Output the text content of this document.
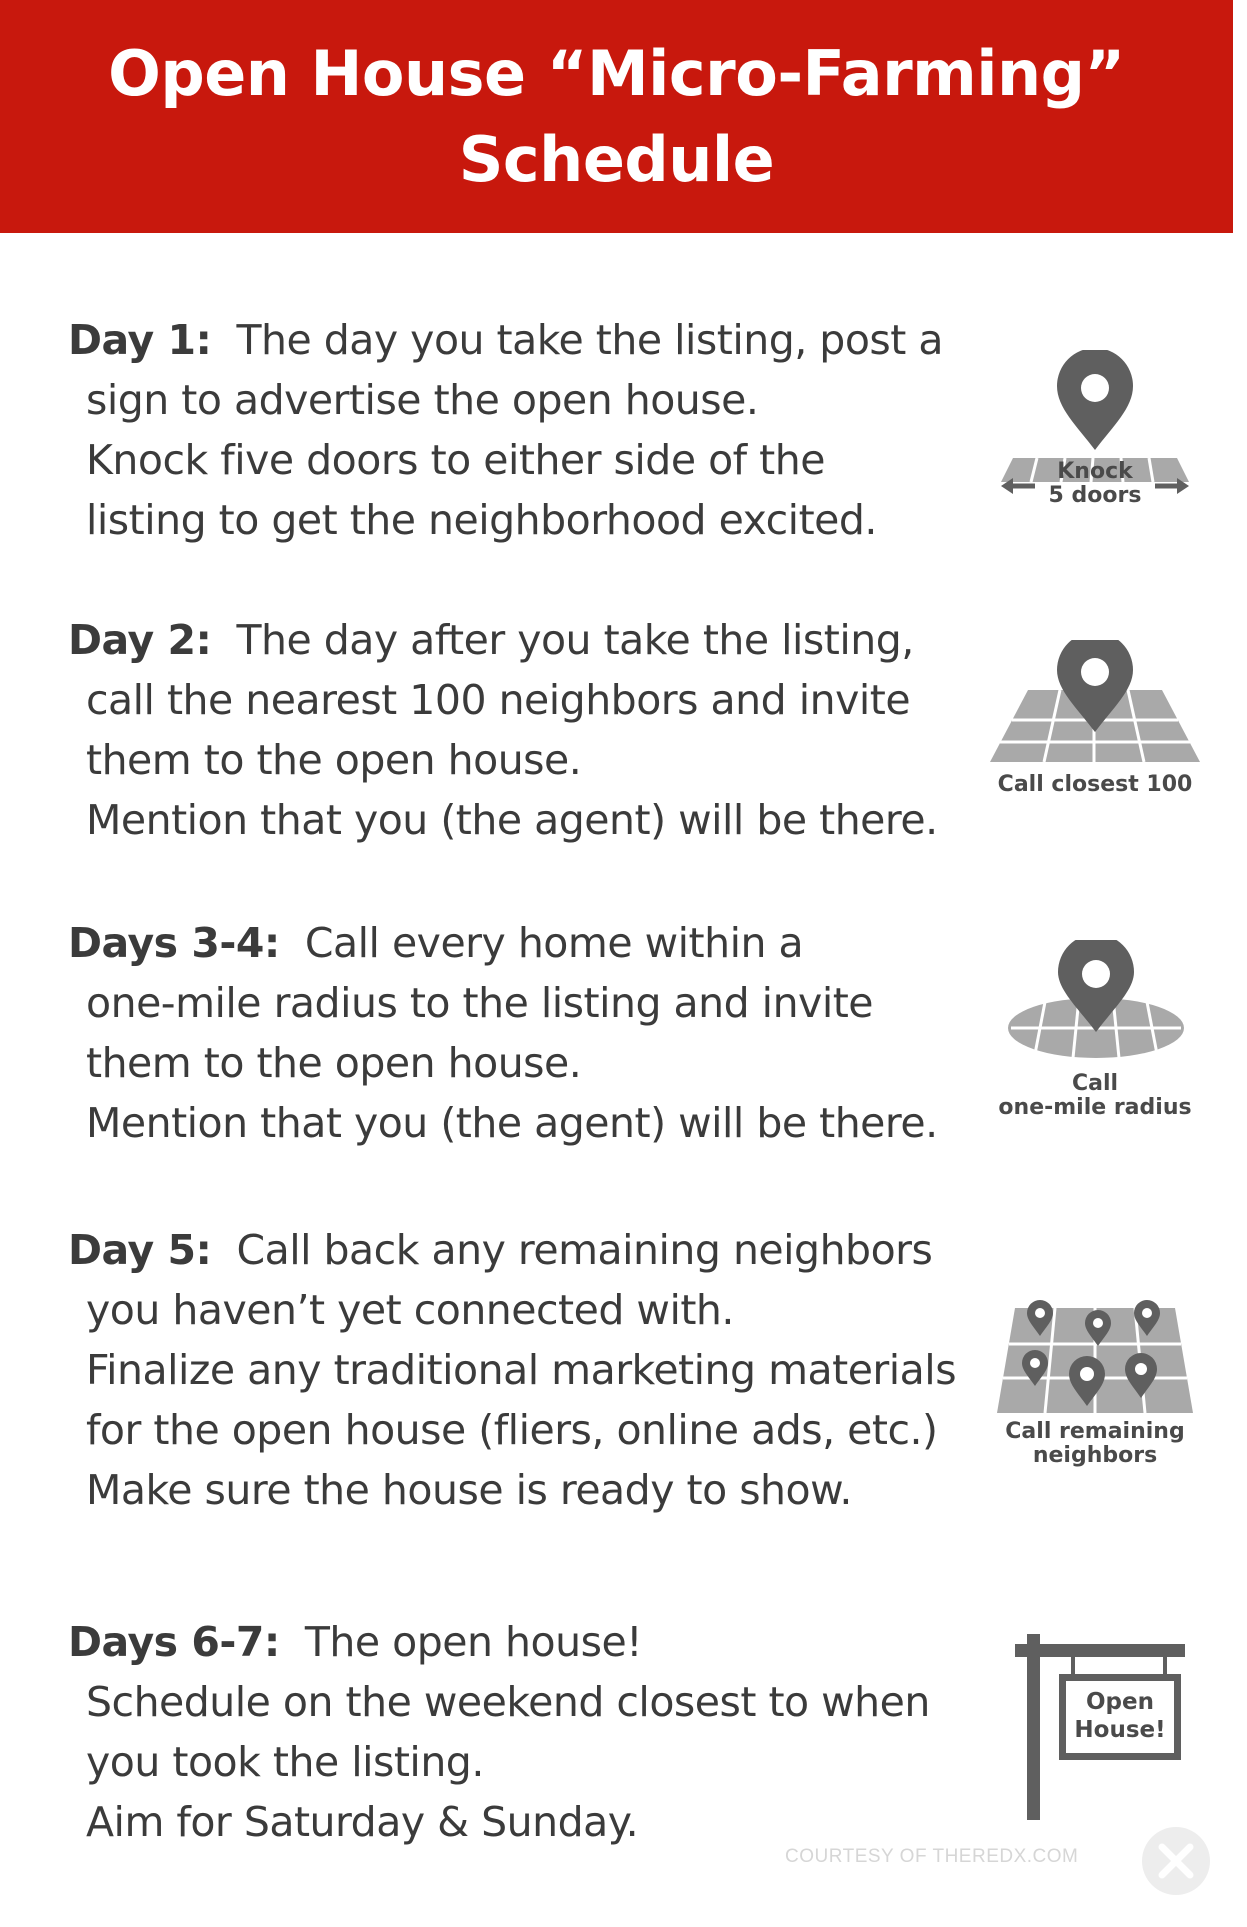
Open House “Micro-Farming”
Schedule

Day 1: The day you take the listing, post a

sign to advertise the open house.

Knock five doors to either side of the

listing to get the neighborhood excited.

Day 2: The day after you take the listing,

call the nearest 100 neighbors and invite

them to the open house.

Mention that you (the agent) will be there.

Days 3-4: Call every home within a

one-mile radius to the listing and invite

them to the open house.

Mention that you (the agent) will be there.

Day 5: Call back any remaining neighbors

you haven’t yet connected with.

Finalize any traditional marketing materials

for the open house (fliers, online ads, etc.)

Make sure the house is ready to show.

Days 6-7: The open house!

Schedule on the weekend closest to when

you took the listing.

Aim for Saturday & Sunday.

Knock
5 doors
Call closest 100
Call
one-mile radius
Call remaining
neighbors
Open
House!
COURTESY OF THEREDX.COM
